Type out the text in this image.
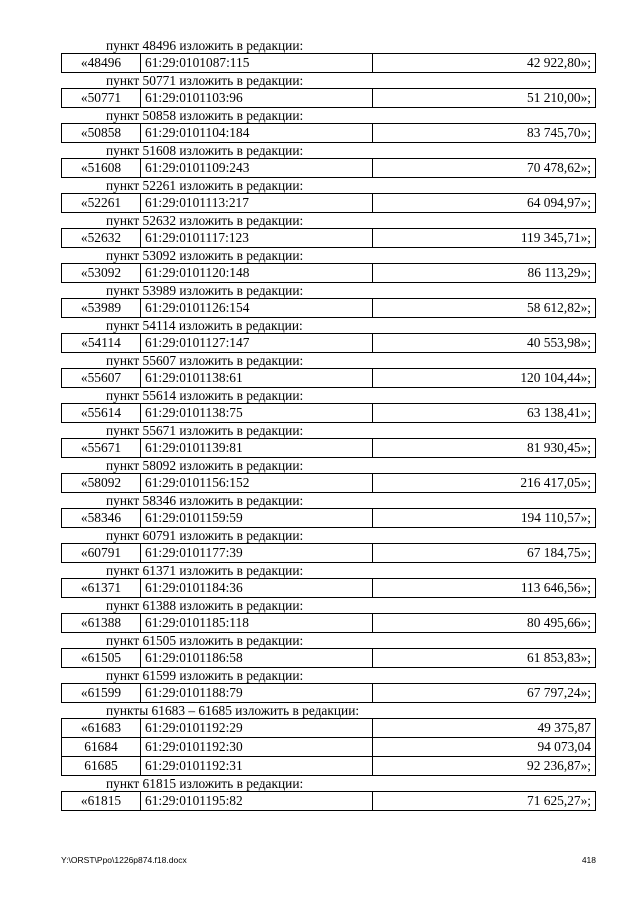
пункт 48496 изложить в редакции:
«48496	61:29:0101087:115	42 922,80»;
пункт 50771 изложить в редакции:
«50771	61:29:0101103:96	51 210,00»;
пункт 50858 изложить в редакции:
«50858	61:29:0101104:184	83 745,70»;
пункт 51608 изложить в редакции:
«51608	61:29:0101109:243	70 478,62»;
пункт 52261 изложить в редакции:
«52261	61:29:0101113:217	64 094,97»;
пункт 52632 изложить в редакции:
«52632	61:29:0101117:123	119 345,71»;
пункт 53092 изложить в редакции:
«53092	61:29:0101120:148	86 113,29»;
пункт 53989 изложить в редакции:
«53989	61:29:0101126:154	58 612,82»;
пункт 54114 изложить в редакции:
«54114	61:29:0101127:147	40 553,98»;
пункт 55607 изложить в редакции:
«55607	61:29:0101138:61	120 104,44»;
пункт 55614 изложить в редакции:
«55614	61:29:0101138:75	63 138,41»;
пункт 55671 изложить в редакции:
«55671	61:29:0101139:81	81 930,45»;
пункт 58092 изложить в редакции:
«58092	61:29:0101156:152	216 417,05»;
пункт 58346 изложить в редакции:
«58346	61:29:0101159:59	194 110,57»;
пункт 60791 изложить в редакции:
«60791	61:29:0101177:39	67 184,75»;
пункт 61371 изложить в редакции:
«61371	61:29:0101184:36	113 646,56»;
пункт 61388 изложить в редакции:
«61388	61:29:0101185:118	80 495,66»;
пункт 61505 изложить в редакции:
«61505	61:29:0101186:58	61 853,83»;
пункт 61599 изложить в редакции:
«61599	61:29:0101188:79	67 797,24»;
пункты 61683 – 61685 изложить в редакции:
«61683	61:29:0101192:29	49 375,87
61684	61:29:0101192:30	94 073,04
61685	61:29:0101192:31	92 236,87»;
пункт 61815 изложить в редакции:
«61815	61:29:0101195:82	71 625,27»;
Y:\ORST\Ppo\1226p874.f18.docx	418
